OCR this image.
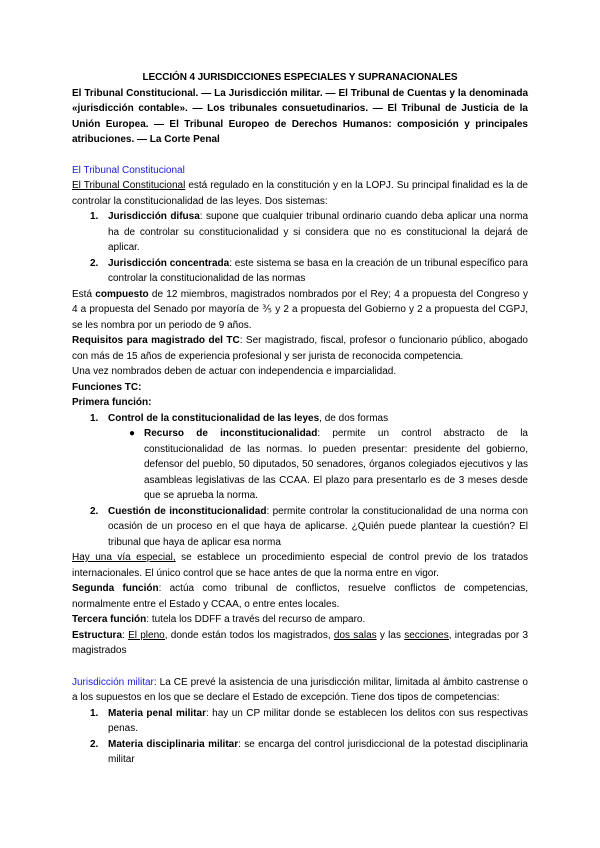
LECCIÓN 4 JURISDICCIONES ESPECIALES Y SUPRANACIONALES

El Tribunal Constitucional. — La Jurisdicción militar. — El Tribunal de Cuentas y la denominada «jurisdicción contable». — Los tribunales consuetudinarios. — El Tribunal de Justicia de la Unión Europea. — El Tribunal Europeo de Derechos Humanos: composición y principales atribuciones. — La Corte Penal

El Tribunal Constitucional

El Tribunal Constitucional está regulado en la constitución y en la LOPJ. Su principal finalidad es la de controlar la constitucionalidad de las leyes. Dos sistemas:

1. Jurisdicción difusa: supone que cualquier tribunal ordinario cuando deba aplicar una norma ha de controlar su constitucionalidad y si considera que no es constitucional la dejará de aplicar.
2. Jurisdicción concentrada: este sistema se basa en la creación de un tribunal específico para controlar la constitucionalidad de las normas

Está compuesto de 12 miembros, magistrados nombrados por el Rey; 4 a propuesta del Congreso y 4 a propuesta del Senado por mayoría de ⅗ y 2 a propuesta del Gobierno y 2 a propuesta del CGPJ, se les nombra por un periodo de 9 años.

Requisitos para magistrado del TC: Ser magistrado, fiscal, profesor o funcionario público, abogado con más de 15 años de experiencia profesional y ser jurista de reconocida competencia.

Una vez nombrados deben de actuar con independencia e imparcialidad.

Funciones TC:

Primera función:

1. Control de la constitucionalidad de las leyes, de dos formas
● Recurso de inconstitucionalidad: permite un control abstracto de la constitucionalidad de las normas. lo pueden presentar: presidente del gobierno, defensor del pueblo, 50 diputados, 50 senadores, órganos colegiados ejecutivos y las asambleas legislativas de las CCAA. El plazo para presentarlo es de 3 meses desde que se aprueba la norma.
2. Cuestión de inconstitucionalidad: permite controlar la constitucionalidad de una norma con ocasión de un proceso en el que haya de aplicarse. ¿Quién puede plantear la cuestión? El tribunal que haya de aplicar esa norma

Hay una vía especial, se establece un procedimiento especial de control previo de los tratados internacionales. El único control que se hace antes de que la norma entre en vigor.

Segunda función: actúa como tribunal de conflictos, resuelve conflictos de competencias, normalmente entre el Estado y CCAA, o entre entes locales.

Tercera función: tutela los DDFF a través del recurso de amparo.

Estructura: El pleno, donde están todos los magistrados, dos salas y las secciones, integradas por 3 magistrados

Jurisdicción militar: La CE prevé la asistencia de una jurisdicción militar, limitada al ámbito castrense o a los supuestos en los que se declare el Estado de excepción. Tiene dos tipos de competencias:

1. Materia penal militar: hay un CP militar donde se establecen los delitos con sus respectivas penas.
2. Materia disciplinaria militar: se encarga del control jurisdiccional de la potestad disciplinaria militar
